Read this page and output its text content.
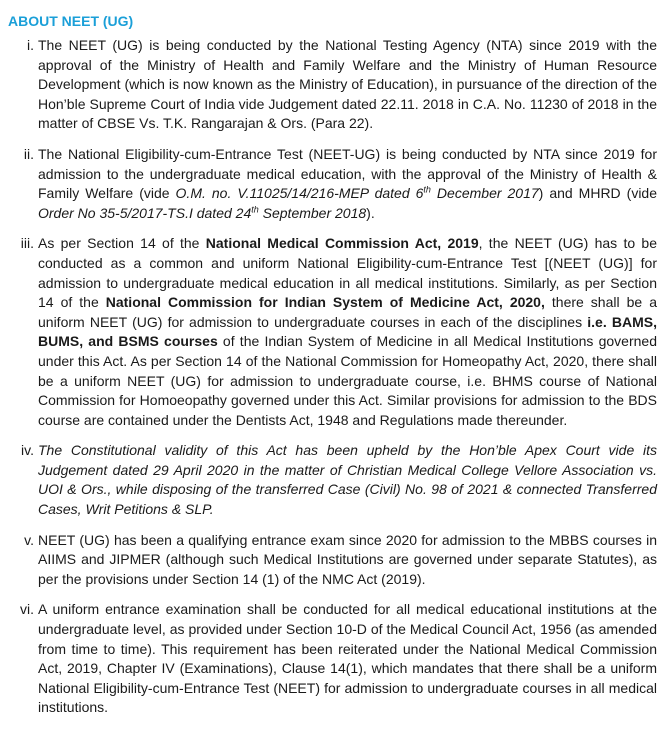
ABOUT NEET (UG)
i. The NEET (UG) is being conducted by the National Testing Agency (NTA) since 2019 with the approval of the Ministry of Health and Family Welfare and the Ministry of Human Resource Development (which is now known as the Ministry of Education), in pursuance of the direction of the Hon’ble Supreme Court of India vide Judgement dated 22.11. 2018 in C.A. No. 11230 of 2018 in the matter of CBSE Vs. T.K. Rangarajan & Ors. (Para 22).
ii. The National Eligibility-cum-Entrance Test (NEET-UG) is being conducted by NTA since 2019 for admission to the undergraduate medical education, with the approval of the Ministry of Health & Family Welfare (vide O.M. no. V.11025/14/216-MEP dated 6th December 2017) and MHRD (vide Order No 35-5/2017-TS.I dated 24th September 2018).
iii. As per Section 14 of the National Medical Commission Act, 2019, the NEET (UG) has to be conducted as a common and uniform National Eligibility-cum-Entrance Test [(NEET (UG)] for admission to undergraduate medical education in all medical institutions. Similarly, as per Section 14 of the National Commission for Indian System of Medicine Act, 2020, there shall be a uniform NEET (UG) for admission to undergraduate courses in each of the disciplines i.e. BAMS, BUMS, and BSMS courses of the Indian System of Medicine in all Medical Institutions governed under this Act. As per Section 14 of the National Commission for Homeopathy Act, 2020, there shall be a uniform NEET (UG) for admission to undergraduate course, i.e. BHMS course of National Commission for Homoeopathy governed under this Act. Similar provisions for admission to the BDS course are contained under the Dentists Act, 1948 and Regulations made thereunder.
iv. The Constitutional validity of this Act has been upheld by the Hon’ble Apex Court vide its Judgement dated 29 April 2020 in the matter of Christian Medical College Vellore Association vs. UOI & Ors., while disposing of the transferred Case (Civil) No. 98 of 2021 & connected Transferred Cases, Writ Petitions & SLP.
v. NEET (UG) has been a qualifying entrance exam since 2020 for admission to the MBBS courses in AIIMS and JIPMER (although such Medical Institutions are governed under separate Statutes), as per the provisions under Section 14 (1) of the NMC Act (2019).
vi. A uniform entrance examination shall be conducted for all medical educational institutions at the undergraduate level, as provided under Section 10-D of the Medical Council Act, 1956 (as amended from time to time). This requirement has been reiterated under the National Medical Commission Act, 2019, Chapter IV (Examinations), Clause 14(1), which mandates that there shall be a uniform National Eligibility-cum-Entrance Test (NEET) for admission to undergraduate courses in all medical institutions.
